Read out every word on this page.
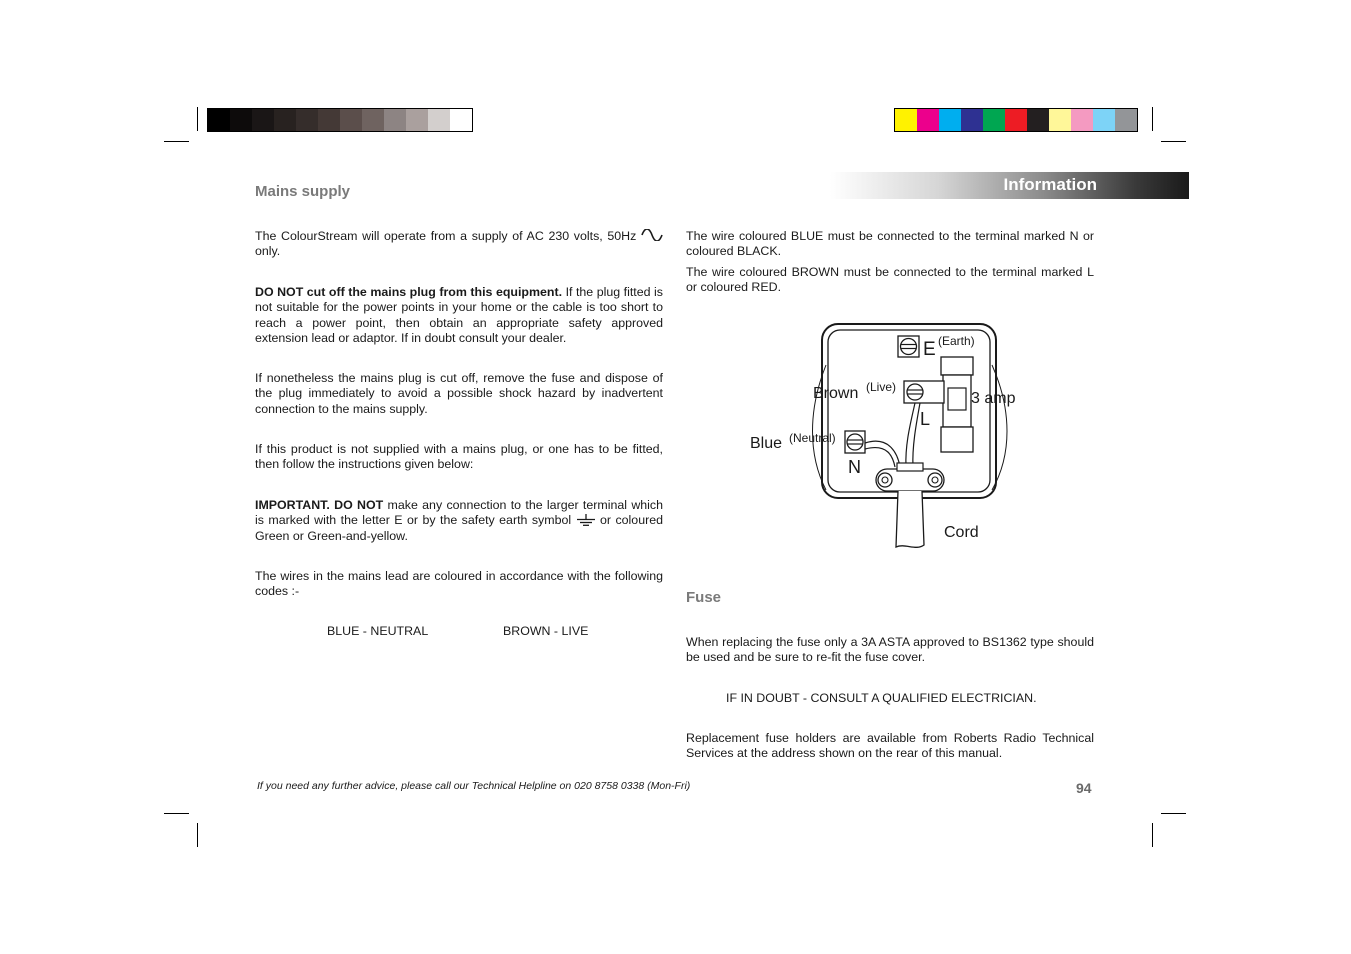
Mains supply

The ColourStream will operate from a supply of AC 230 volts, 50Hz  only.

DO NOT cut off the mains plug from this equipment. If the plug fitted is not suitable for the power points in your home or the cable is too short to reach a power point, then obtain an appropriate safety approved extension lead or adaptor. If in doubt consult your dealer.

If nonetheless the mains plug is cut off, remove the fuse and dispose of the plug immediately to avoid a possible shock hazard by inadvertent connection to the mains supply.

If this product is not supplied with a mains plug, or one has to be fitted, then follow the instructions given below:

IMPORTANT. DO NOT make any connection to the larger terminal which is marked with the letter E or by the safety earth symbol  or coloured Green or Green-and-yellow.

The wires in the mains lead are coloured in accordance with the following codes :-

BLUE - NEUTRAL	BROWN - LIVE
Information

The wire coloured BLUE must be connected to the terminal marked N or coloured BLACK.

The wire coloured BROWN must be connected to the terminal marked L or coloured RED.

E (Earth)
3 amp
Brown (Live)
L
Blue (Neutral)
N
Cord
Fuse

When replacing the fuse only a 3A ASTA approved to BS1362 type should be used and be sure to re-fit the fuse cover.

IF IN DOUBT - CONSULT A QUALIFIED ELECTRICIAN.

Replacement fuse holders are available from Roberts Radio Technical Services at the address shown on the rear of this manual.

If you need any further advice, please call our Technical Helpline on 020 8758 0338 (Mon-Fri)	94
